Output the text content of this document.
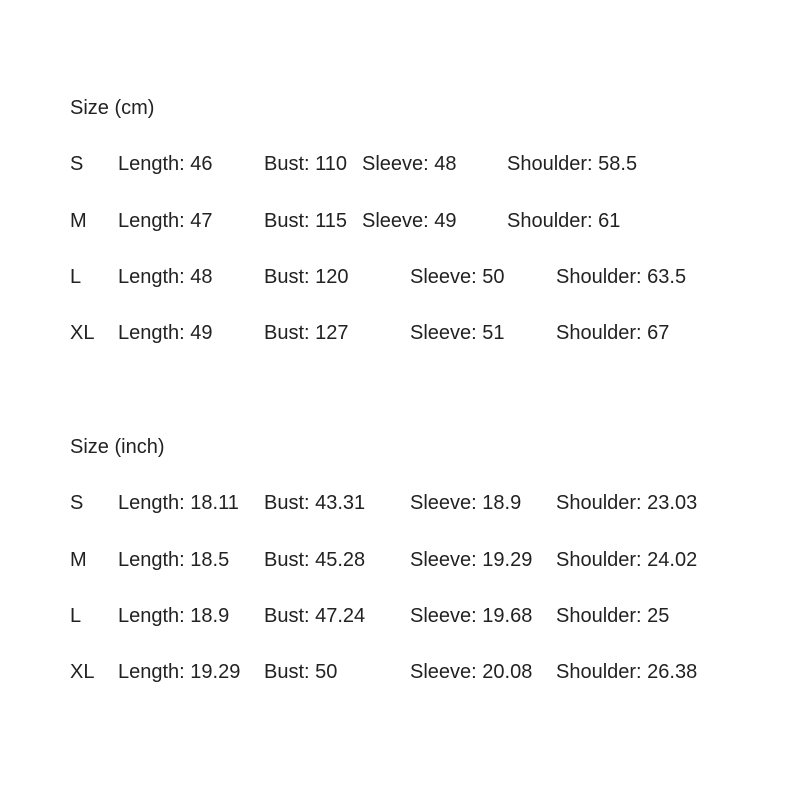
Size (cm)
S Length: 46	Bust: 110 Sleeve: 48	Shoulder: 58.5
M Length: 47	Bust: 115 Sleeve: 49	Shoulder: 61
L Length: 48	Bust: 120	Sleeve: 50	Shoulder: 63.5
XL Length: 49	Bust: 127	Sleeve: 51	Shoulder: 67
Size (inch)
S Length: 18.11 Bust: 43.31 Sleeve: 18.9 Shoulder: 23.03
M Length: 18.5 Bust: 45.28 Sleeve: 19.29 Shoulder: 24.02
L Length: 18.9 Bust: 47.24 Sleeve: 19.68 Shoulder: 25
XL Length: 19.29 Bust: 50	Sleeve: 20.08 Shoulder: 26.38
